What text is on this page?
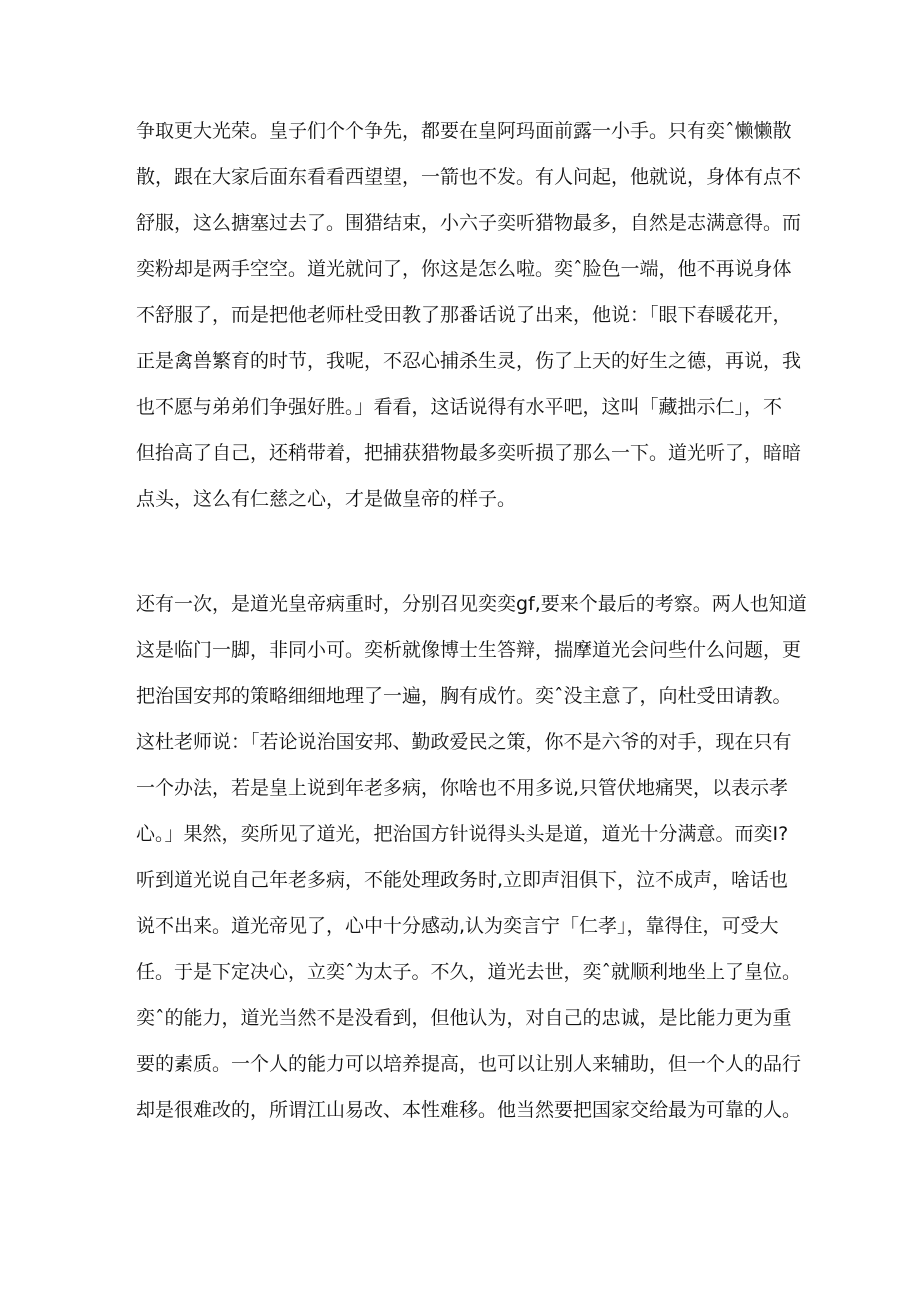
争取更大光荣。皇子们个个争先，都要在皇阿玛面前露一小手。只有奕ˆ懒懒散
散，跟在大家后面东看看西望望，一箭也不发。有人问起，他就说，身体有点不
舒服，这么搪塞过去了。围猎结束，小六子奕听猎物最多，自然是志满意得。而
奕粉却是两手空空。道光就问了，你这是怎么啦。奕ˆ脸色一端，他不再说身体
不舒服了，而是把他老师杜受田教了那番话说了出来，他说：「眼下春暖花开，
正是禽兽繁育的时节，我呢，不忍心捕杀生灵，伤了上天的好生之德，再说，我
也不愿与弟弟们争强好胜。」看看，这话说得有水平吧，这叫「藏拙示仁」，不
但抬高了自己，还稍带着，把捕获猎物最多奕听损了那么一下。道光听了，暗暗
点头，这么有仁慈之心，才是做皇帝的样子。
还有一次，是道光皇帝病重时，分别召见奕奕gf,要来个最后的考察。两人也知道
这是临门一脚，非同小可。奕析就像博士生答辩，揣摩道光会问些什么问题，更
把治国安邦的策略细细地理了一遍，胸有成竹。奕ˆ没主意了，向杜受田请教。
这杜老师说：「若论说治国安邦、勤政爱民之策，你不是六爷的对手，现在只有
一个办法，若是皇上说到年老多病，你啥也不用多说,只管伏地痛哭，以表示孝
心。」果然，奕所见了道光，把治国方针说得头头是道，道光十分满意。而奕I?
听到道光说自己年老多病，不能处理政务时,立即声泪俱下，泣不成声，啥话也
说不出来。道光帝见了，心中十分感动,认为奕言宁「仁孝」，靠得住，可受大
任。于是下定决心，立奕ˆ为太子。不久，道光去世，奕ˆ就顺利地坐上了皇位。
奕ˆ的能力，道光当然不是没看到，但他认为，对自己的忠诚，是比能力更为重
要的素质。一个人的能力可以培养提高，也可以让别人来辅助，但一个人的品行
却是很难改的，所谓江山易改、本性难移。他当然要把国家交给最为可靠的人。
